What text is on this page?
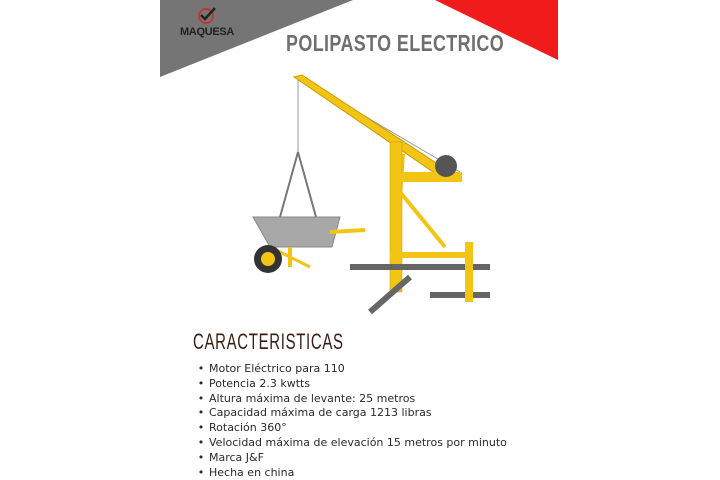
MAQUESA	POLIPASTO ELECTRICO
CARACTERISTICAS
• Motor Eléctrico para 110
• Potencia 2.3 kwtts
• Altura máxima de levante: 25 metros
• Capacidad máxima de carga 1213 libras
• Rotación 360°
• Velocidad máxima de elevación 15 metros por minuto
• Marca J&F
• Hecha en china
